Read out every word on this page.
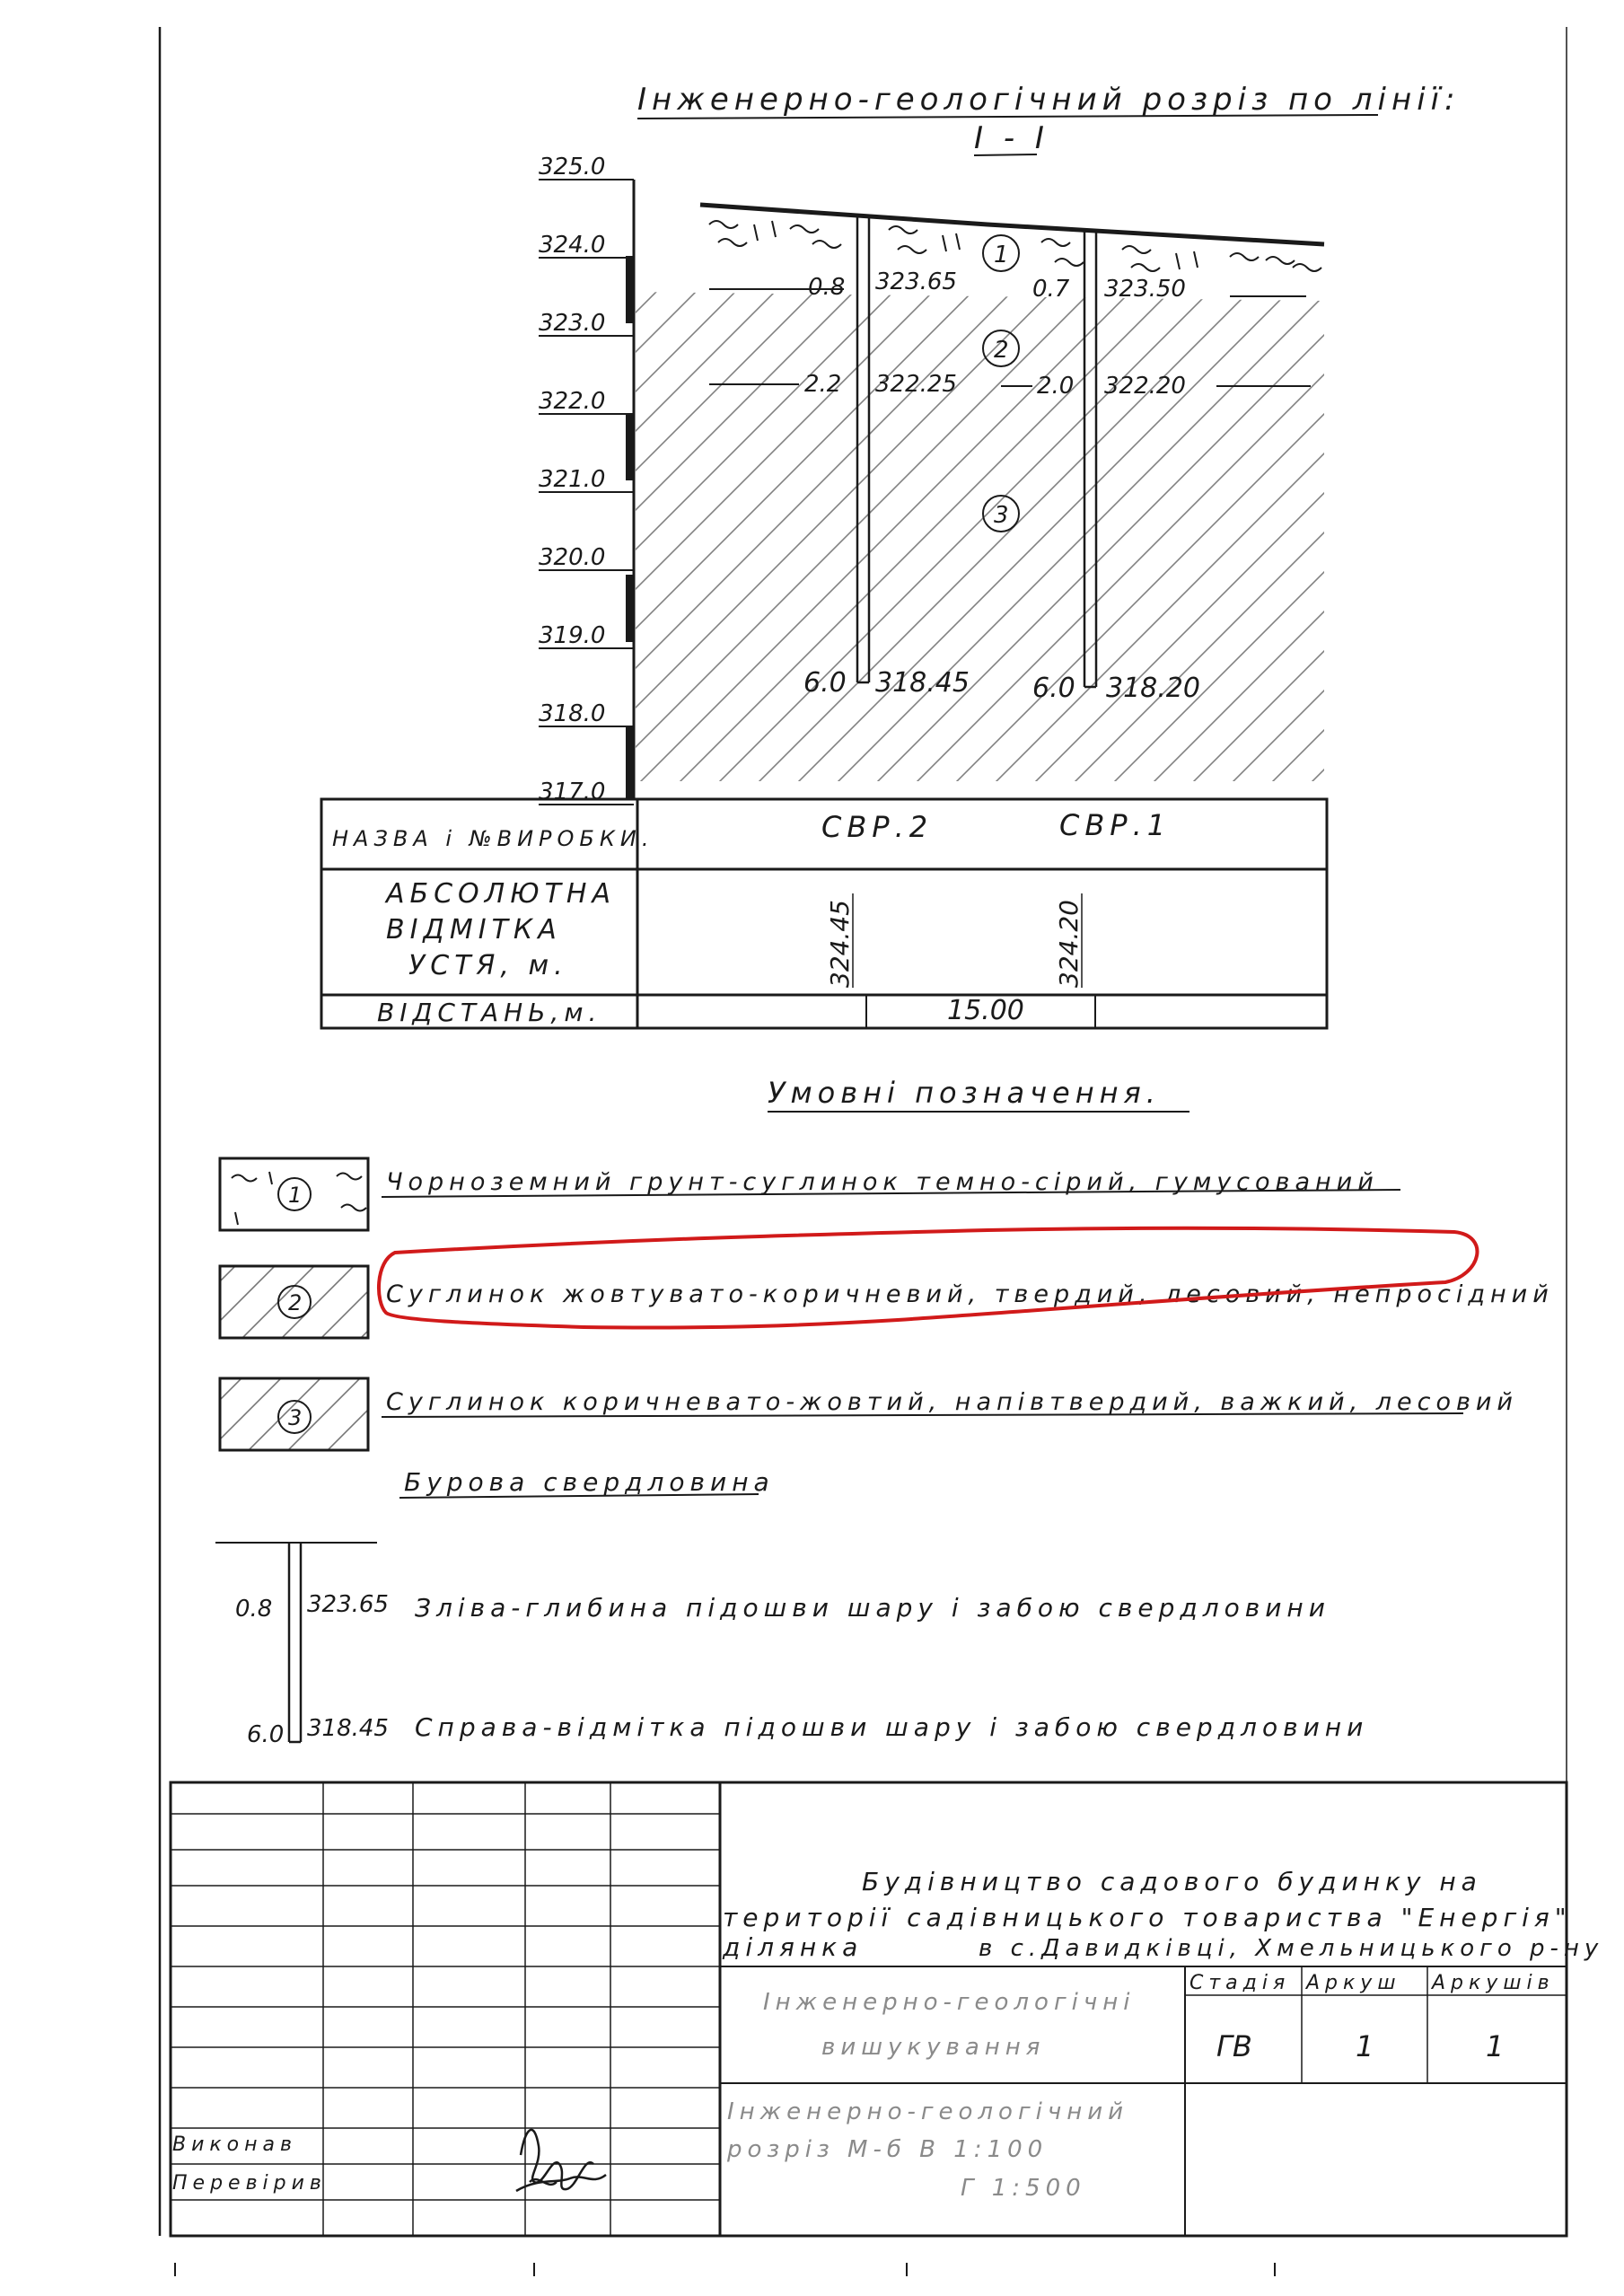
Інженерно-геологічний розріз по лінії:
І - І
325.0
324.0
323.0
322.0
321.0
320.0
319.0
318.0
317.0
0.8 323.65
2.2 322.25
6.0 318.45
0.7 323.50
2.0 322.20
6.0 318.20
1
2
3
НАЗВА і №ВИРОБКИ.	СВР.2	СВР.1
АБСОЛЮТНА
ВІДМІТКА
УСТЯ, м.	324.45	324.20
ВІДСТАНЬ,м.	15.00
Умовні позначення.
1	Чорноземний грунт-суглинок темно-сірий, гумусований
2	Суглинок жовтувато-коричневий, твердий, лесовий, непросідний
3
Суглинок коричневато-жовтий, напівтвердий, важкий, лесовий
Бурова свердловина
0.8 323.65
6.0 318.45
Зліва-глибина підошви шару і забою свердловини
Справа-відмітка підошви шару і забою свердловини
Будівництво садового будинку на
території садівницького товариства "Енергія"
ділянка	в с.Давидківці, Хмельницького р-ну
Інженерно-геологічні
вишукування
Стадія Аркуш Аркушів
ГВ	1	1
Інженерно-геологічний
розріз М-б В 1:100
Г 1:500
Виконав
Перевірив
